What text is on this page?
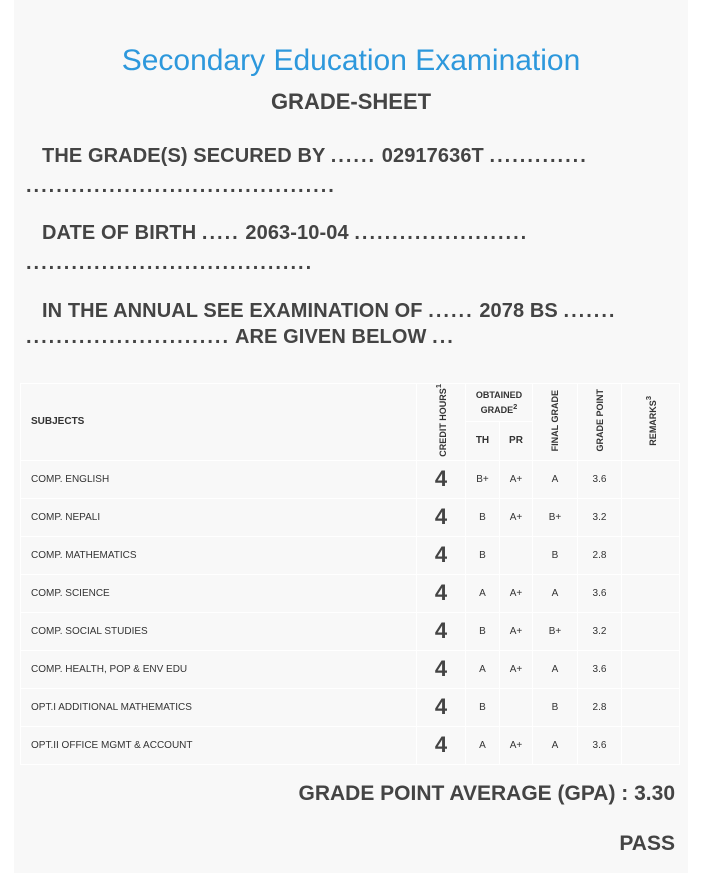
Secondary Education Examination
GRADE-SHEET
THE GRADE(S) SECURED BY ...... 02917636T .............
.........................................
DATE OF BIRTH ..... 2063-10-04 .......................
......................................
IN THE ANNUAL SEE EXAMINATION OF ...... 2078 BS .......
........................... ARE GIVEN BELOW ...
SUBJECTS	CREDIT HOURS$^1$	OBTAINED GRADE$^2$		FINAL GRADE	GRADE POINT	REMARKS$^3$
		TH	PR			
COMP. ENGLISH	4	B+	A+	A	3.6	
COMP. NEPALI	4	B	A+	B+	3.2	
COMP. MATHEMATICS	4	B		B	2.8	
COMP. SCIENCE	4	A	A+	A	3.6	
COMP. SOCIAL STUDIES	4	B	A+	B+	3.2	
COMP. HEALTH, POP & ENV EDU	4	A	A+	A	3.6	
OPT.I ADDITIONAL MATHEMATICS	4	B		B	2.8	
OPT.II OFFICE MGMT & ACCOUNT	4	A	A+	A	3.6	
GRADE POINT AVERAGE (GPA) : 3.30
PASS
